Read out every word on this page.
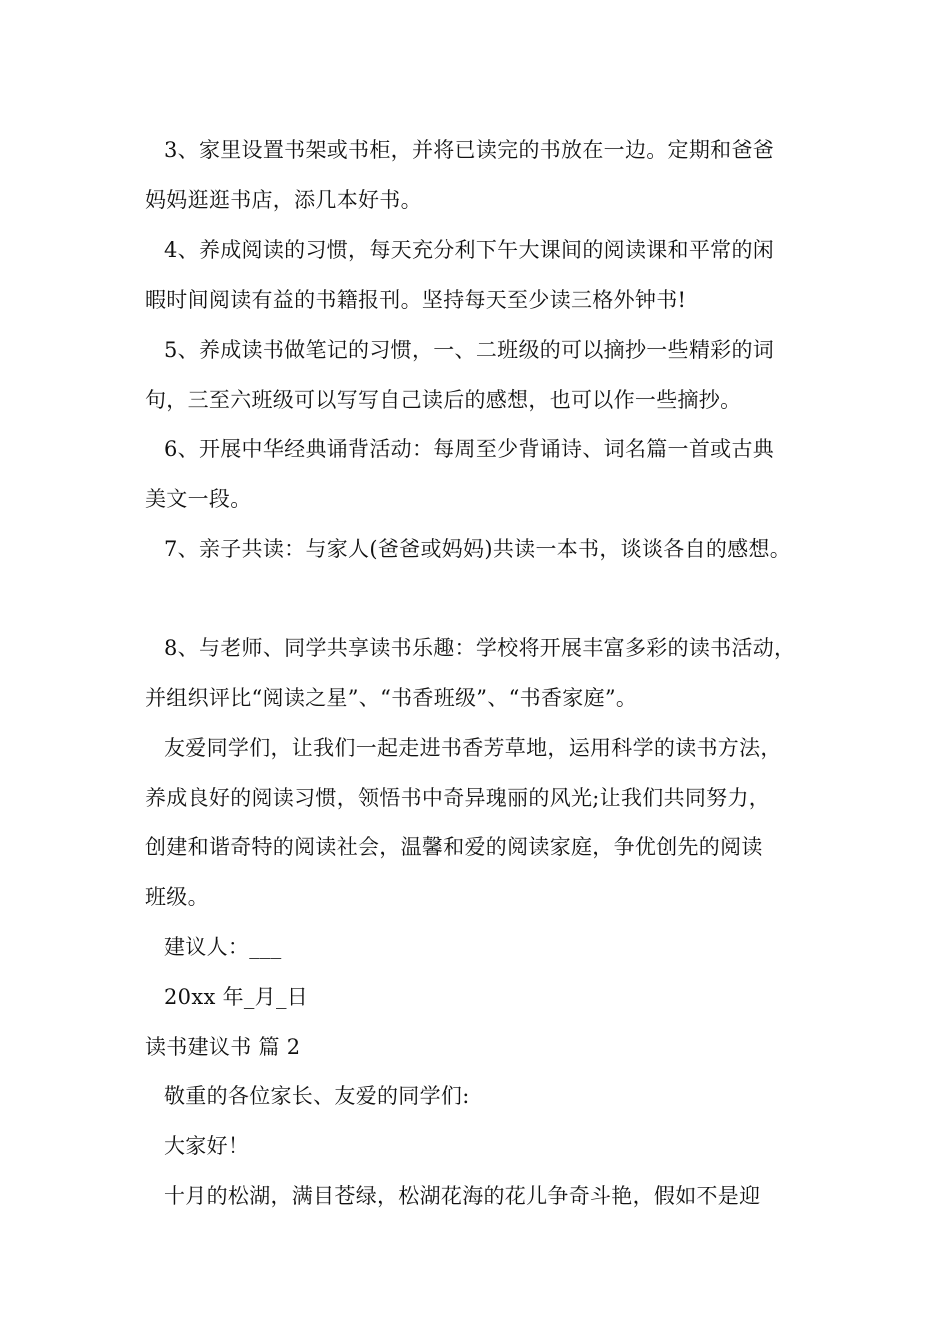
3、家里设置书架或书柜，并将已读完的书放在一边。定期和爸爸
妈妈逛逛书店，添几本好书。
4、养成阅读的习惯，每天充分利下午大课间的阅读课和平常的闲
暇时间阅读有益的书籍报刊。坚持每天至少读三格外钟书!
5、养成读书做笔记的习惯，一、二班级的可以摘抄一些精彩的词
句，三至六班级可以写写自己读后的感想，也可以作一些摘抄。
6、开展中华经典诵背活动：每周至少背诵诗、词名篇一首或古典
美文一段。
7、亲子共读：与家人(爸爸或妈妈)共读一本书，谈谈各自的感想。
8、与老师、同学共享读书乐趣：学校将开展丰富多彩的读书活动，
并组织评比“阅读之星”、“书香班级”、“书香家庭”。
友爱同学们，让我们一起走进书香芳草地，运用科学的读书方法，
养成良好的阅读习惯，领悟书中奇异瑰丽的风光;让我们共同努力，
创建和谐奇特的阅读社会，温馨和爱的阅读家庭，争优创先的阅读
班级。
建议人：___
20xx 年_月_日
读书建议书 篇 2
敬重的各位家长、友爱的同学们:
大家好！
十月的松湖，满目苍绿，松湖花海的花儿争奇斗艳，假如不是迎
